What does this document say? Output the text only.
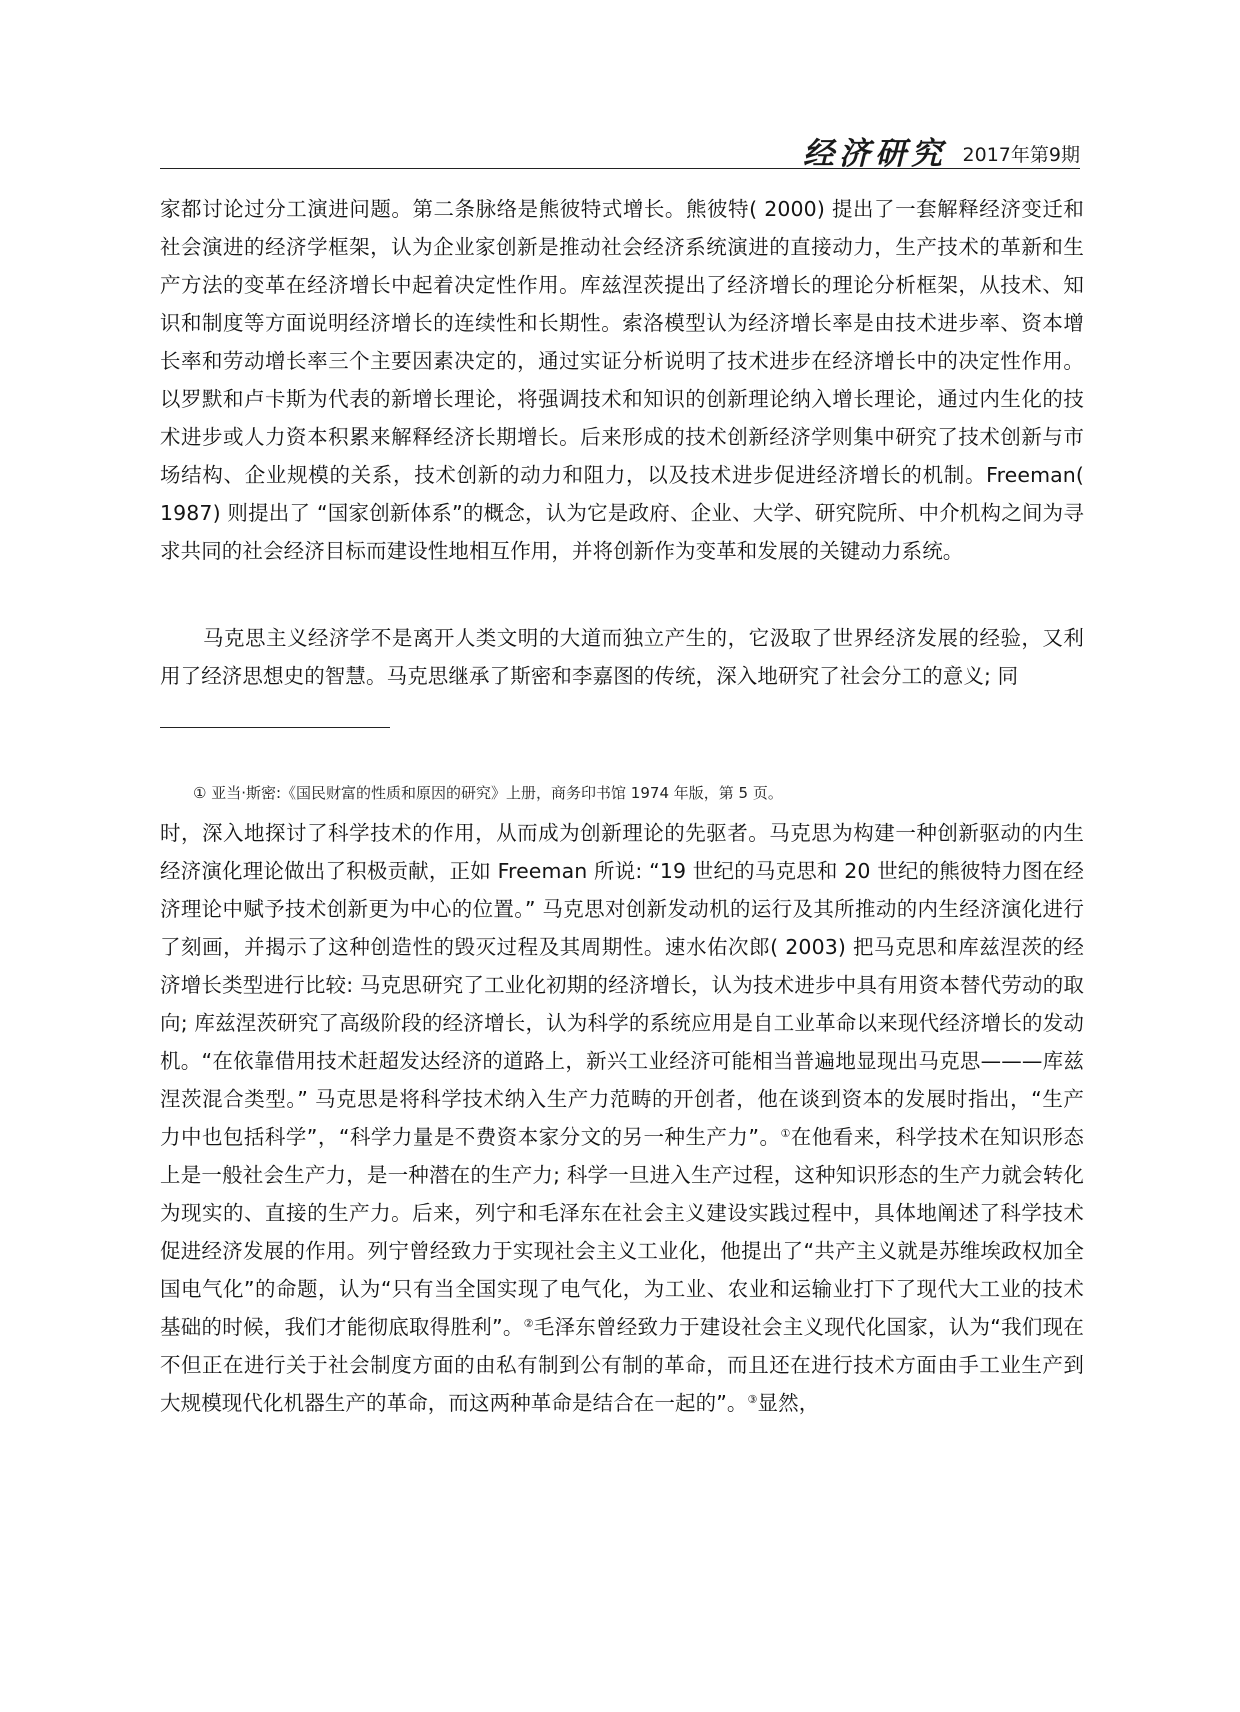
经济研究 2017年第9期

家都讨论过分工演进问题。第二条脉络是熊彼特式增长。熊彼特( 2000) 提出了一套解释经济变迁和社会演进的经济学框架，认为企业家创新是推动社会经济系统演进的直接动力，生产技术的革新和生产方法的变革在经济增长中起着决定性作用。库兹涅茨提出了经济增长的理论分析框架，从技术、知识和制度等方面说明经济增长的连续性和长期性。索洛模型认为经济增长率是由技术进步率、资本增长率和劳动增长率三个主要因素决定的，通过实证分析说明了技术进步在经济增长中的决定性作用。以罗默和卢卡斯为代表的新增长理论，将强调技术和知识的创新理论纳入增长理论，通过内生化的技术进步或人力资本积累来解释经济长期增长。后来形成的技术创新经济学则集中研究了技术创新与市场结构、企业规模的关系，技术创新的动力和阻力，以及技术进步促进经济增长的机制。Freeman( 1987) 则提出了 “国家创新体系”的概念，认为它是政府、企业、大学、研究院所、中介机构之间为寻求共同的社会经济目标而建设性地相互作用，并将创新作为变革和发展的关键动力系统。

马克思主义经济学不是离开人类文明的大道而独立产生的，它汲取了世界经济发展的经验，又利用了经济思想史的智慧。马克思继承了斯密和李嘉图的传统，深入地研究了社会分工的意义; 同

① 亚当·斯密:《国民财富的性质和原因的研究》上册，商务印书馆 1974 年版，第 5 页。

时，深入地探讨了科学技术的作用，从而成为创新理论的先驱者。马克思为构建一种创新驱动的内生经济演化理论做出了积极贡献，正如 Freeman 所说: “19 世纪的马克思和 20 世纪的熊彼特力图在经济理论中赋予技术创新更为中心的位置。” 马克思对创新发动机的运行及其所推动的内生经济演化进行了刻画，并揭示了这种创造性的毁灭过程及其周期性。速水佑次郎( 2003) 把马克思和库兹涅茨的经济增长类型进行比较: 马克思研究了工业化初期的经济增长，认为技术进步中具有用资本替代劳动的取向; 库兹涅茨研究了高级阶段的经济增长，认为科学的系统应用是自工业革命以来现代经济增长的发动机。“在依靠借用技术赶超发达经济的道路上，新兴工业经济可能相当普遍地显现出马克思———库兹涅茨混合类型。” 马克思是将科学技术纳入生产力范畴的开创者，他在谈到资本的发展时指出，“生产力中也包括科学”，“科学力量是不费资本家分文的另一种生产力”。①在他看来，科学技术在知识形态上是一般社会生产力，是一种潜在的生产力; 科学一旦进入生产过程，这种知识形态的生产力就会转化为现实的、直接的生产力。后来，列宁和毛泽东在社会主义建设实践过程中，具体地阐述了科学技术促进经济发展的作用。列宁曾经致力于实现社会主义工业化，他提出了“共产主义就是苏维埃政权加全国电气化”的命题，认为“只有当全国实现了电气化，为工业、农业和运输业打下了现代大工业的技术基础的时候，我们才能彻底取得胜利”。②毛泽东曾经致力于建设社会主义现代化国家，认为“我们现在不但正在进行关于社会制度方面的由私有制到公有制的革命，而且还在进行技术方面由手工业生产到大规模现代化机器生产的革命，而这两种革命是结合在一起的”。③显然，
